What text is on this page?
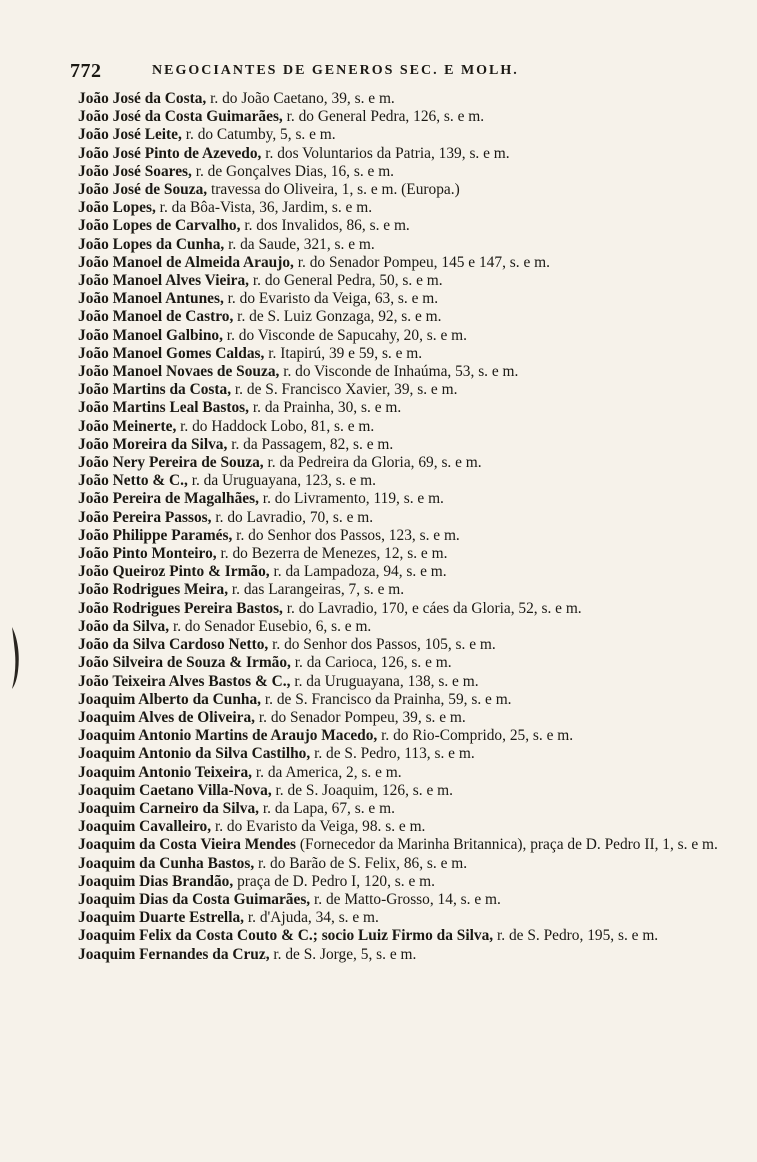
772	NEGOCIANTES DE GENEROS SEC. E MOLH.
João José da Costa, r. do João Caetano, 39, s. e m.
João José da Costa Guimarães, r. do General Pedra, 126, s. e m.
João José Leite, r. do Catumby, 5, s. e m.
João José Pinto de Azevedo, r. dos Voluntarios da Patria, 139, s. e m.
João José Soares, r. de Gonçalves Dias, 16, s. e m.
João José de Souza, travessa do Oliveira, 1, s. e m. (Europa.)
João Lopes, r. da Bôa-Vista, 36, Jardim, s. e m.
João Lopes de Carvalho, r. dos Invalidos, 86, s. e m.
João Lopes da Cunha, r. da Saude, 321, s. e m.
João Manoel de Almeida Araujo, r. do Senador Pompeu, 145 e 147, s. e m.
João Manoel Alves Vieira, r. do General Pedra, 50, s. e m.
João Manoel Antunes, r. do Evaristo da Veiga, 63, s. e m.
João Manoel de Castro, r. de S. Luiz Gonzaga, 92, s. e m.
João Manoel Galbino, r. do Visconde de Sapucahy, 20, s. e m.
João Manoel Gomes Caldas, r. Itapirú, 39 e 59, s. e m.
João Manoel Novaes de Souza, r. do Visconde de Inhaúma, 53, s. e m.
João Martins da Costa, r. de S. Francisco Xavier, 39, s. e m.
João Martins Leal Bastos, r. da Prainha, 30, s. e m.
João Meinerte, r. do Haddock Lobo, 81, s. e m.
João Moreira da Silva, r. da Passagem, 82, s. e m.
João Nery Pereira de Souza, r. da Pedreira da Gloria, 69, s. e m.
João Netto & C., r. da Uruguayana, 123, s. e m.
João Pereira de Magalhães, r. do Livramento, 119, s. e m.
João Pereira Passos, r. do Lavradio, 70, s. e m.
João Philippe Paramés, r. do Senhor dos Passos, 123, s. e m.
João Pinto Monteiro, r. do Bezerra de Menezes, 12, s. e m.
João Queiroz Pinto & Irmão, r. da Lampadoza, 94, s. e m.
João Rodrigues Meira, r. das Larangeiras, 7, s. e m.
João Rodrigues Pereira Bastos, r. do Lavradio, 170, e cáes da Gloria, 52, s. e m.
João da Silva, r. do Senador Eusebio, 6, s. e m.
João da Silva Cardoso Netto, r. do Senhor dos Passos, 105, s. e m.
João Silveira de Souza & Irmão, r. da Carioca, 126, s. e m.
João Teixeira Alves Bastos & C., r. da Uruguayana, 138, s. e m.
Joaquim Alberto da Cunha, r. de S. Francisco da Prainha, 59, s. e m.
Joaquim Alves de Oliveira, r. do Senador Pompeu, 39, s. e m.
Joaquim Antonio Martins de Araujo Macedo, r. do Rio-Comprido, 25, s. e m.
Joaquim Antonio da Silva Castilho, r. de S. Pedro, 113, s. e m.
Joaquim Antonio Teixeira, r. da America, 2, s. e m.
Joaquim Caetano Villa-Nova, r. de S. Joaquim, 126, s. e m.
Joaquim Carneiro da Silva, r. da Lapa, 67, s. e m.
Joaquim Cavalleiro, r. do Evaristo da Veiga, 98. s. e m.
Joaquim da Costa Vieira Mendes (Fornecedor da Marinha Britannica), praça de D. Pedro II, 1, s. e m.
Joaquim da Cunha Bastos, r. do Barão de S. Felix, 86, s. e m.
Joaquim Dias Brandão, praça de D. Pedro I, 120, s. e m.
Joaquim Dias da Costa Guimarães, r. de Matto-Grosso, 14, s. e m.
Joaquim Duarte Estrella, r. d'Ajuda, 34, s. e m.
Joaquim Felix da Costa Couto & C.; socio Luiz Firmo da Silva, r. de S. Pedro, 195, s. e m.
Joaquim Fernandes da Cruz, r. de S. Jorge, 5, s. e m.
